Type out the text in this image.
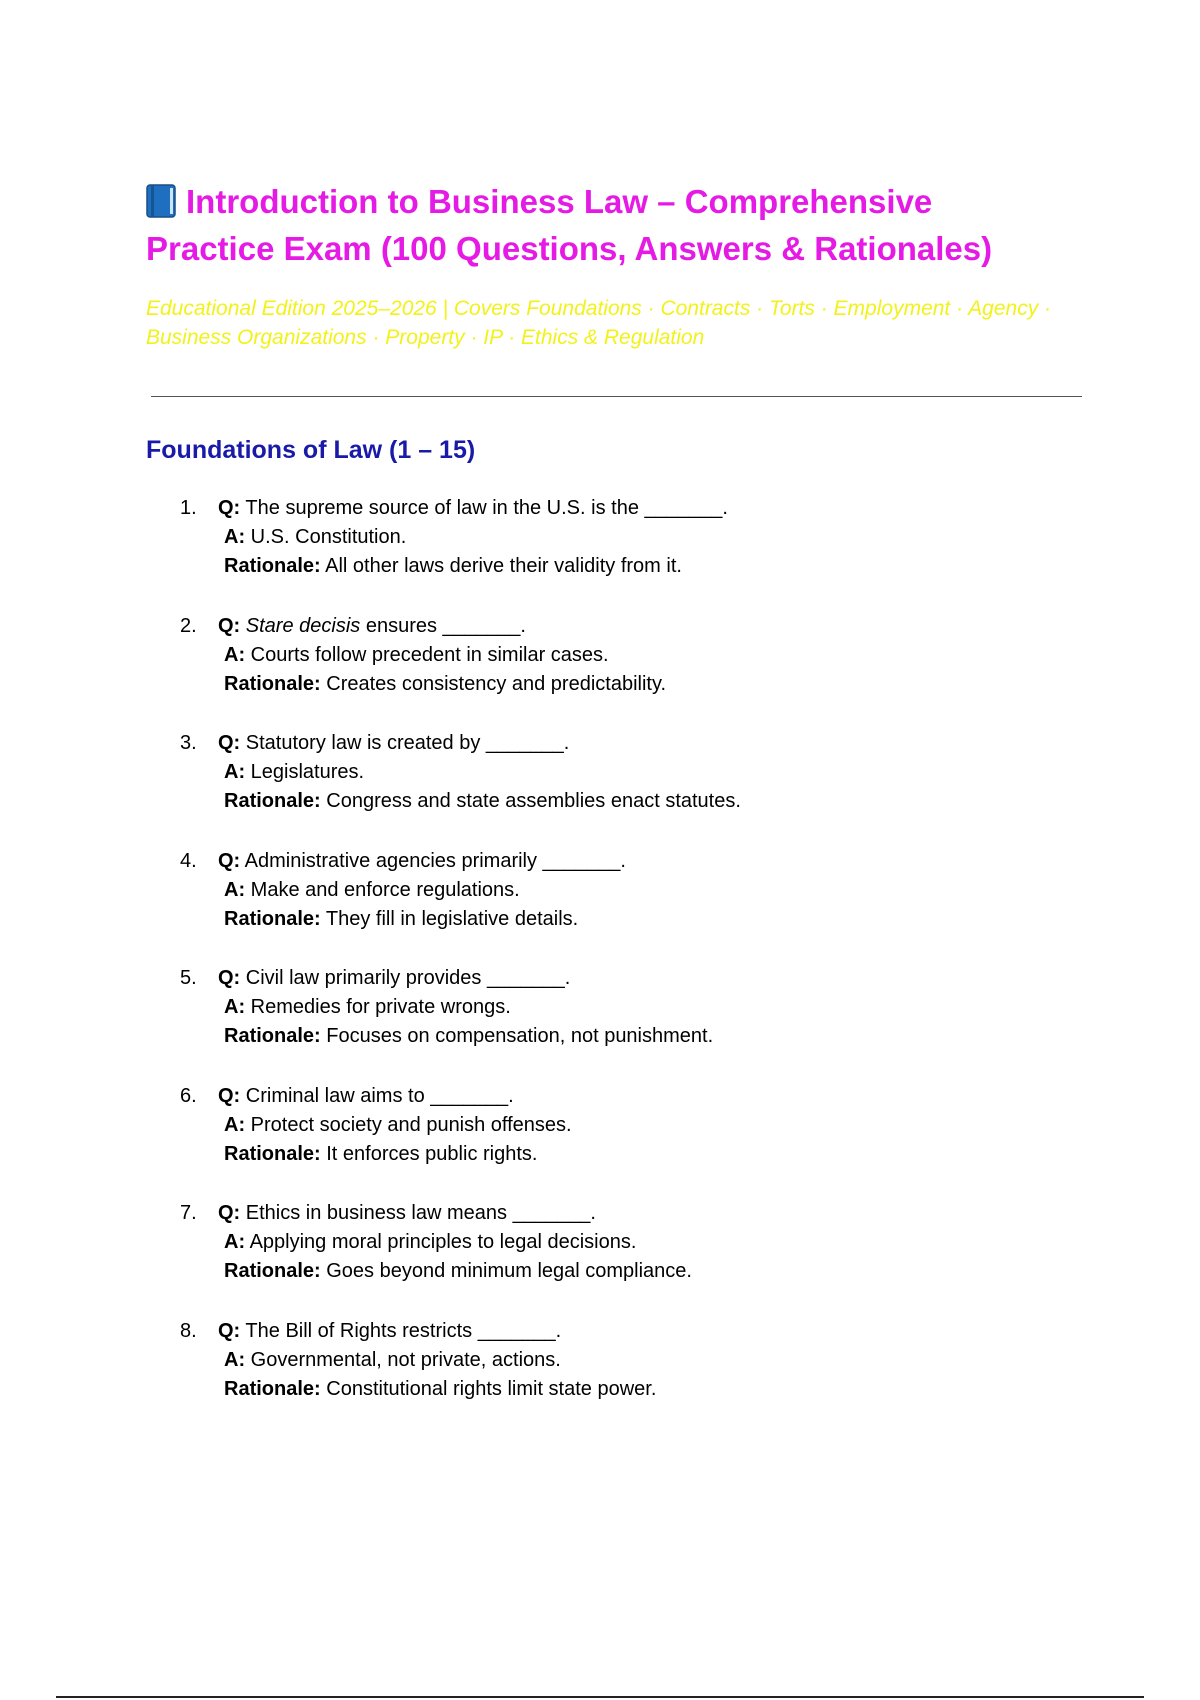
Introduction to Business Law – Comprehensive Practice Exam (100 Questions, Answers & Rationales)

Educational Edition 2025–2026 | Covers Foundations · Contracts · Torts · Employment · Agency · Business Organizations · Property · IP · Ethics & Regulation

Foundations of Law (1 – 15)
1.	Q: The supreme source of law in the U.S. is the _______.
A: U.S. Constitution.
Rationale: All other laws derive their validity from it.
2.	Q: Stare decisis ensures _______.
A: Courts follow precedent in similar cases.
Rationale: Creates consistency and predictability.
3.	Q: Statutory law is created by _______.
A: Legislatures.
Rationale: Congress and state assemblies enact statutes.
4.	Q: Administrative agencies primarily _______.
A: Make and enforce regulations.
Rationale: They fill in legislative details.
5.	Q: Civil law primarily provides _______.
A: Remedies for private wrongs.
Rationale: Focuses on compensation, not punishment.
6.	Q: Criminal law aims to _______.
A: Protect society and punish offenses.
Rationale: It enforces public rights.
7.	Q: Ethics in business law means _______.
A: Applying moral principles to legal decisions.
Rationale: Goes beyond minimum legal compliance.
8.	Q: The Bill of Rights restricts _______.
A: Governmental, not private, actions.
Rationale: Constitutional rights limit state power.
